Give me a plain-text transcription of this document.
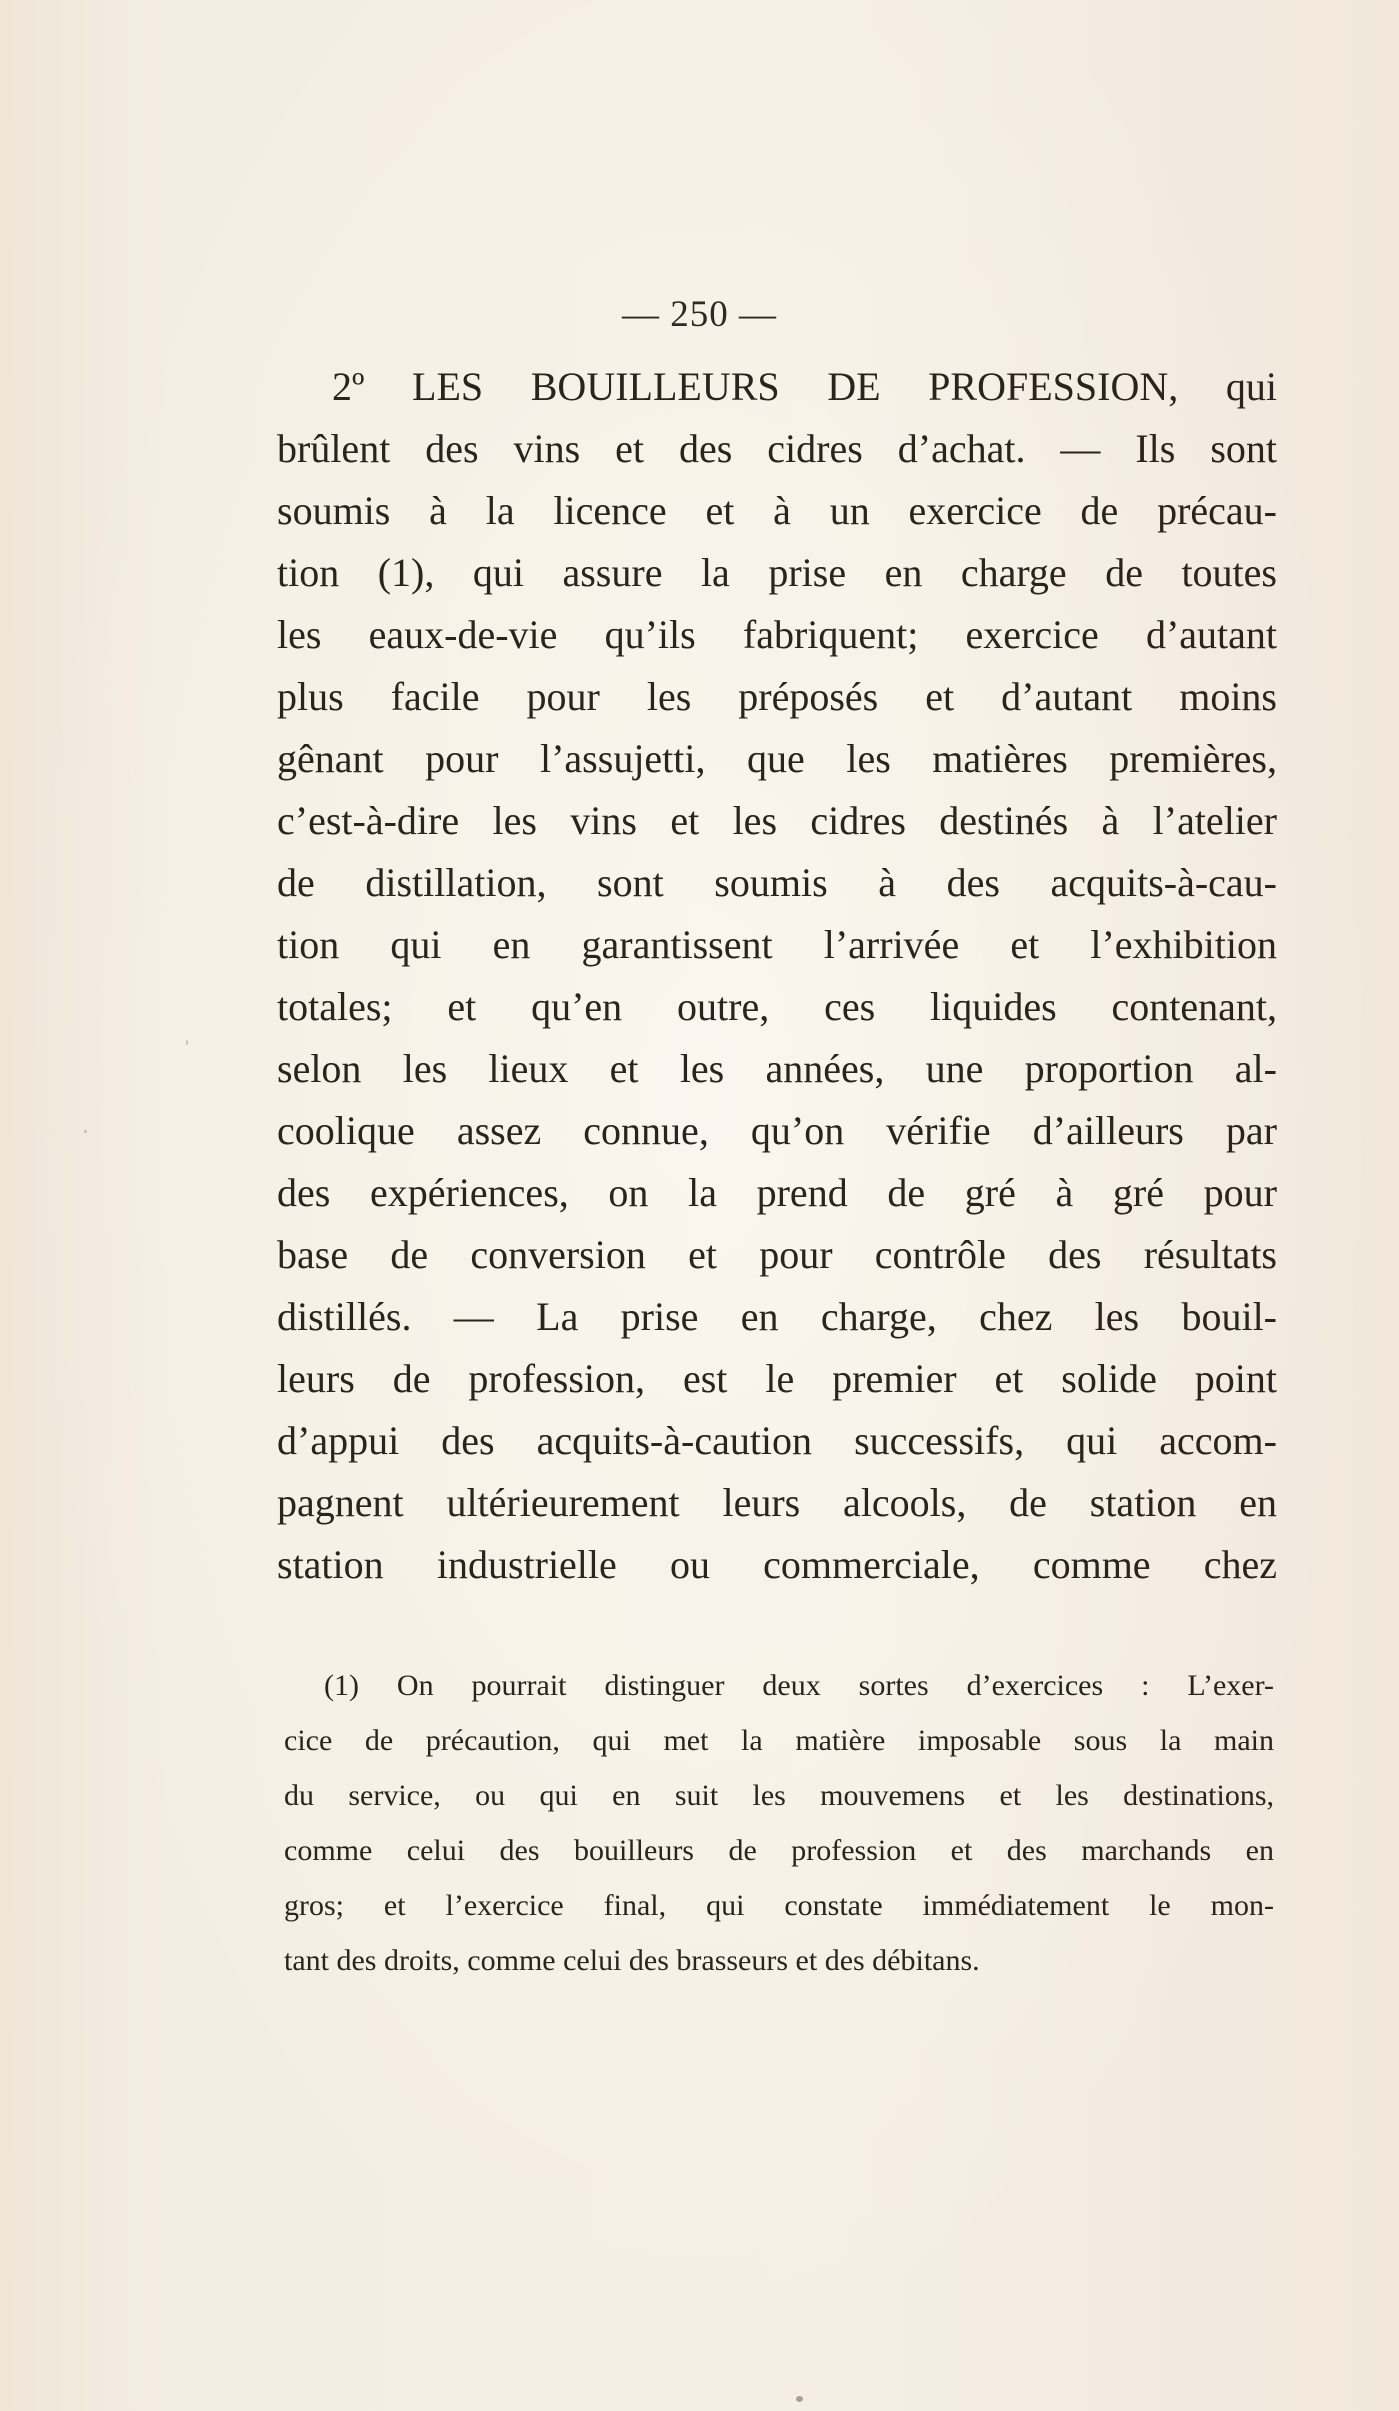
— 250 —
2º LES BOUILLEURS DE PROFESSION, qui
brûlent des vins et des cidres d’achat. — Ils sont
soumis à la licence et à un exercice de précau-
tion (1), qui assure la prise en charge de toutes
les eaux-de-vie qu’ils fabriquent; exercice d’autant
plus facile pour les préposés et d’autant moins
gênant pour l’assujetti, que les matières premières,
c’est-à-dire les vins et les cidres destinés à l’atelier
de distillation, sont soumis à des acquits-à-cau-
tion qui en garantissent l’arrivée et l’exhibition
totales; et qu’en outre, ces liquides contenant,
selon les lieux et les années, une proportion al-
coolique assez connue, qu’on vérifie d’ailleurs par
des expériences, on la prend de gré à gré pour
base de conversion et pour contrôle des résultats
distillés. — La prise en charge, chez les bouil-
leurs de profession, est le premier et solide point
d’appui des acquits-à-caution successifs, qui accom-
pagnent ultérieurement leurs alcools, de station en
station industrielle ou commerciale, comme chez
(1) On pourrait distinguer deux sortes d’exercices : L’exer-
cice de précaution, qui met la matière imposable sous la main
du service, ou qui en suit les mouvemens et les destinations,
comme celui des bouilleurs de profession et des marchands en
gros; et l’exercice final, qui constate immédiatement le mon-
tant des droits, comme celui des brasseurs et des débitans.
